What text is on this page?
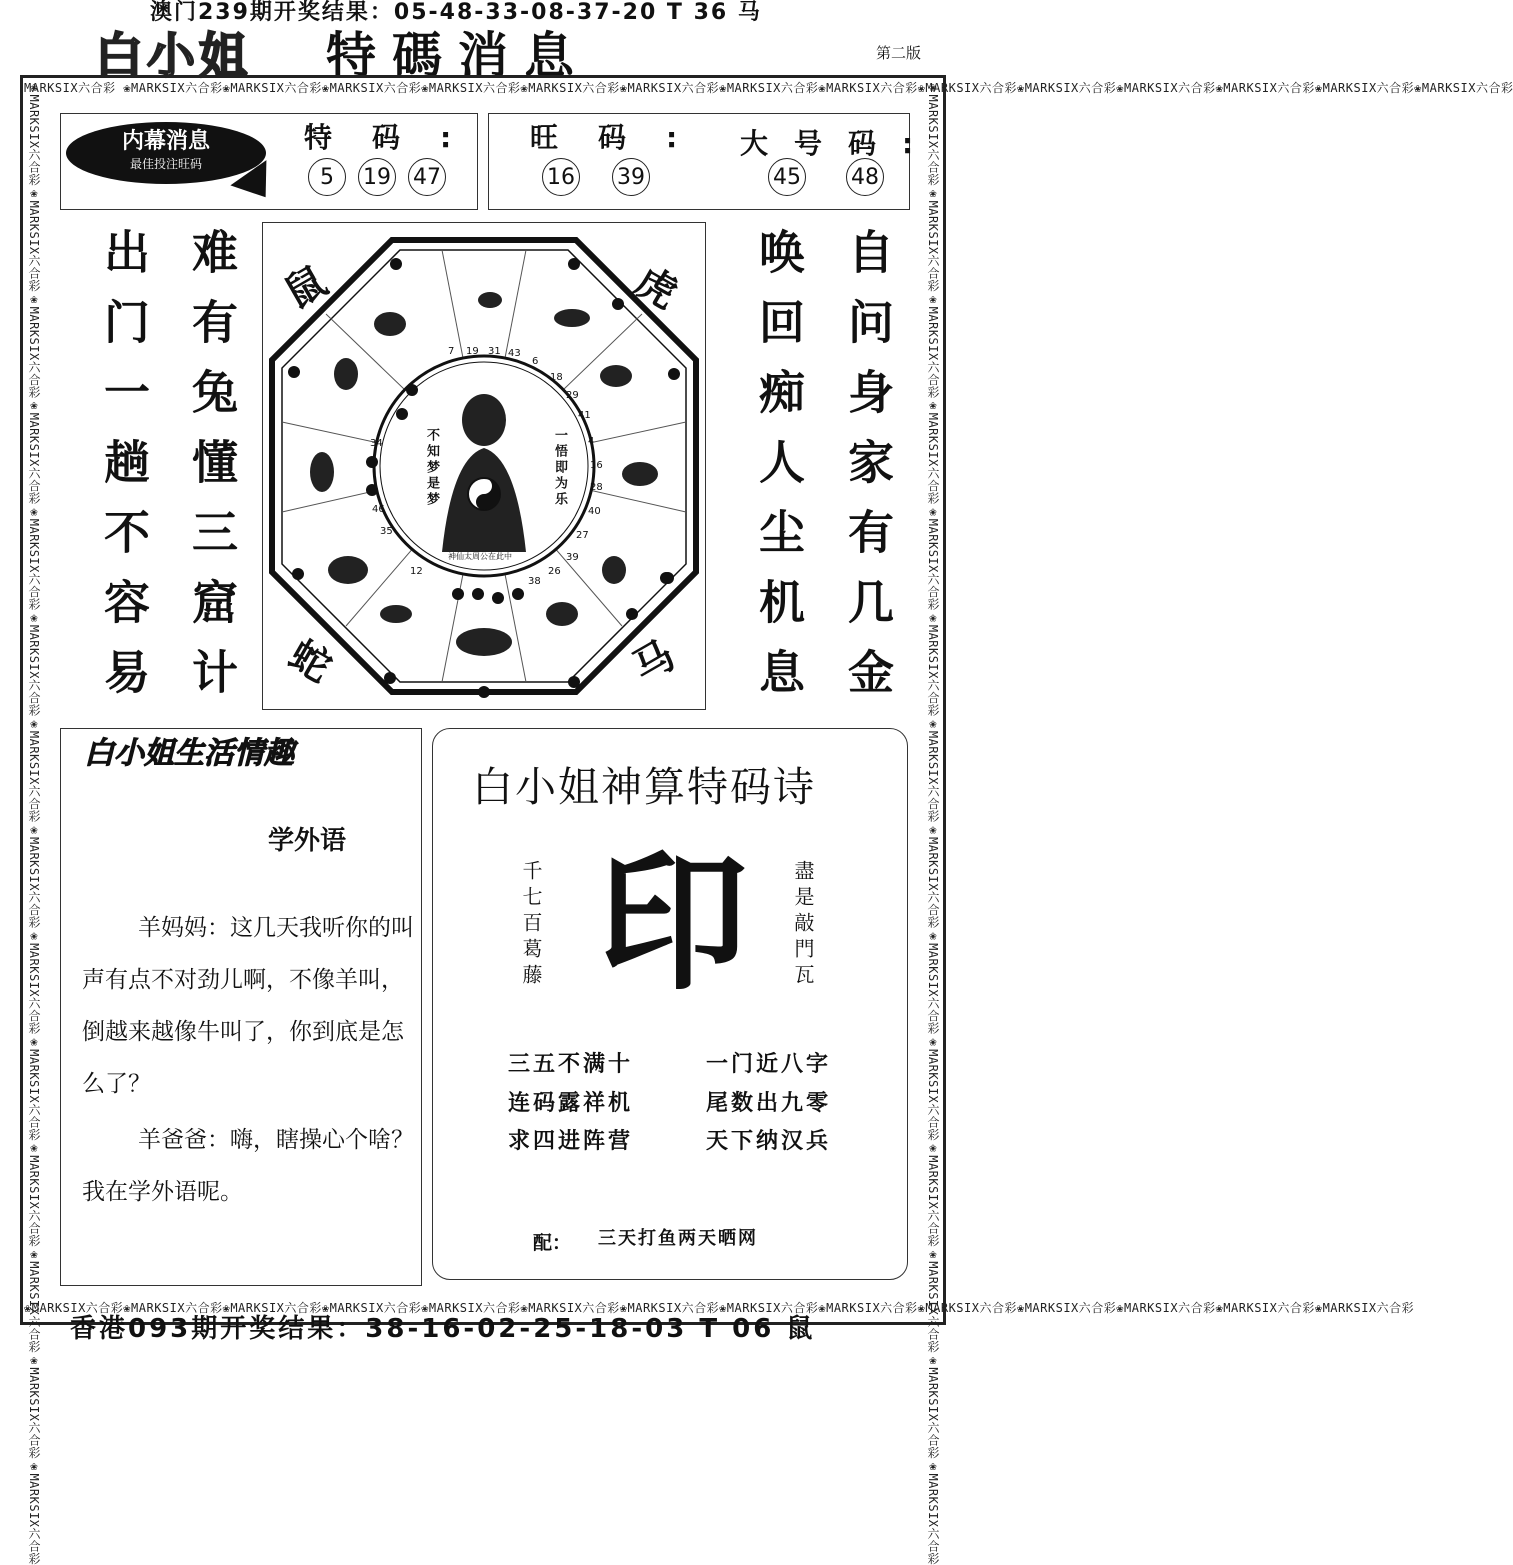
澳门239期开奖结果：05-48-33-08-37-20 T 36 马
白小姐 特碼消息	第二版
MARKSIX六合彩 ❀MARKSIX六合彩❀MARKSIX六合彩❀MARKSIX六合彩❀MARKSIX六合彩❀MARKSIX六合彩❀MARKSIX六合彩❀MARKSIX六合彩❀MARKSIX六合彩❀MARKSIX六合彩❀MARKSIX六合彩❀MARKSIX六合彩❀MARKSIX六合彩❀MARKSIX六合彩❀MARKSIX六合彩
❀MARKSIX六合彩❀MARKSIX六合彩❀MARKSIX六合彩❀MARKSIX六合彩❀MARKSIX六合彩❀MARKSIX六合彩❀MARKSIX六合彩❀MARKSIX六合彩❀MARKSIX六合彩❀MARKSIX六合彩❀MARKSIX六合彩❀MARKSIX六合彩❀MARKSIX六合彩❀MARKSIX六合彩
❀MARKSIX六合彩❀MARKSIX六合彩❀MARKSIX六合彩❀MARKSIX六合彩❀MARKSIX六合彩❀MARKSIX六合彩❀MARKSIX六合彩❀MARKSIX六合彩❀MARKSIX六合彩❀MARKSIX六合彩❀MARKSIX六合彩❀MARKSIX六合彩❀MARKSIX六合彩❀MARKSIX六合彩	❀MARKSIX六合彩❀MARKSIX六合彩❀MARKSIX六合彩❀MARKSIX六合彩❀MARKSIX六合彩❀MARKSIX六合彩❀MARKSIX六合彩❀MARKSIX六合彩❀MARKSIX六合彩❀MARKSIX六合彩❀MARKSIX六合彩❀MARKSIX六合彩❀MARKSIX六合彩❀MARKSIX六合彩
内幕消息
最佳投注旺码
特码:
5	19 47
旺码:
16 39
大号码:
45 48
出门一趟不容易 难有兔懂三窟计	唤回痴人尘机息 自问身家有几金
鼠	虎
蛇	马
不知梦是梦	一悟即为乐
神仙太周公在此中
7 19 31 43
6
18
29
41
4
16
28
40
27
39
26
38
12
35
46
34
白小姐生活情趣
学外语
羊妈妈：这几天我听你的叫声有点不对劲儿啊，不像羊叫，倒越来越像牛叫了，你到底是怎么了？
羊爸爸：嗨，瞎操心个啥？我在学外语呢。
白小姐神算特码诗
千七百葛藤 印 盡是敲門瓦
三五不满十
连码露祥机
求四进阵营
一门近八字
尾数出九零
天下纳汉兵
配： 三天打鱼两天晒网
香港093期开奖结果：38-16-02-25-18-03 T 06 鼠
